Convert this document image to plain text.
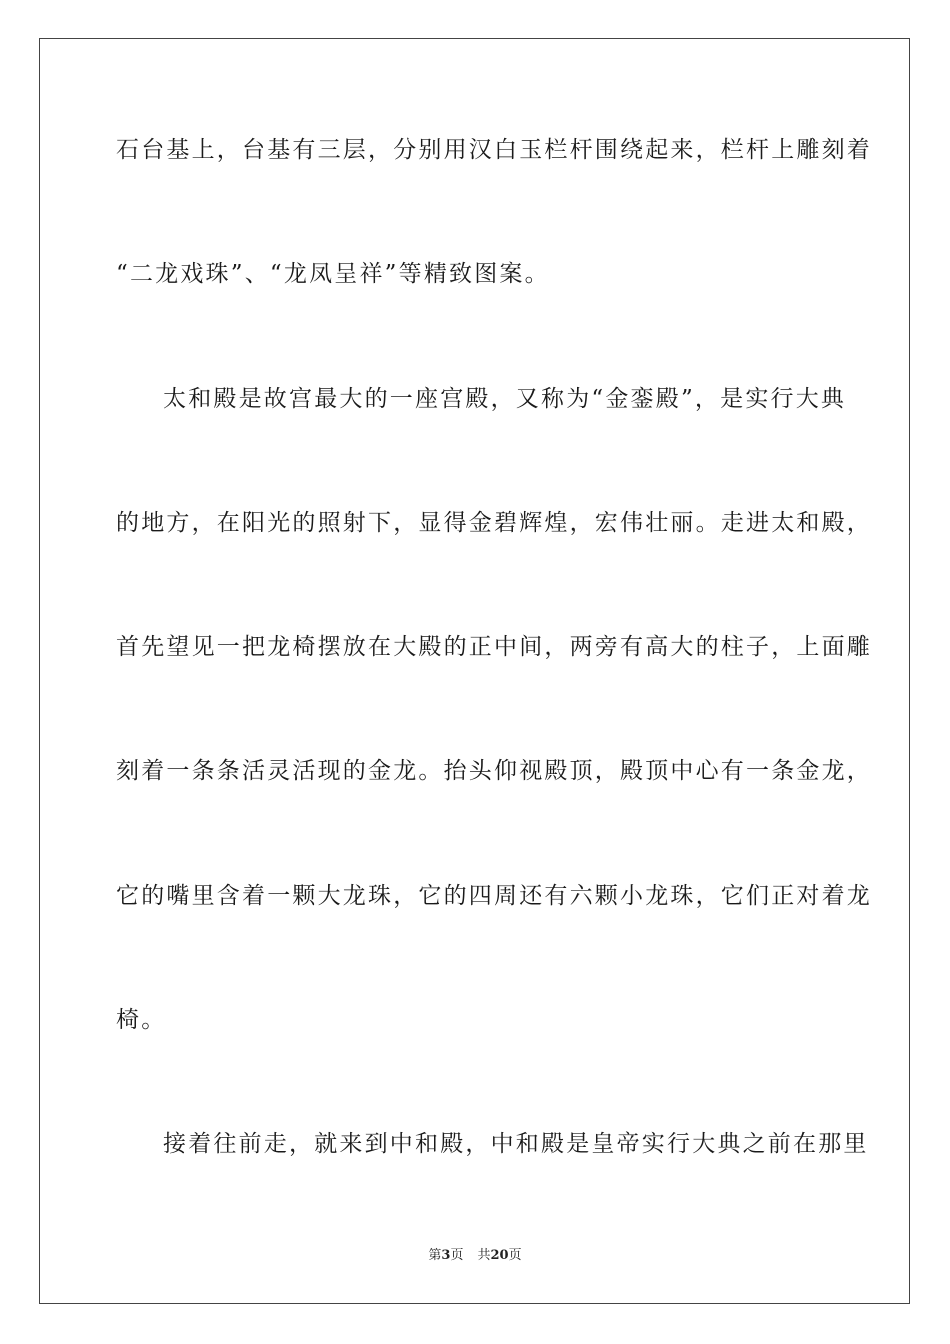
石台基上，台基有三层，分别用汉白玉栏杆围绕起来，栏杆上雕刻着
“二龙戏珠”、“龙凤呈祥”等精致图案。
太和殿是故宫最大的一座宫殿，又称为“金銮殿”，是实行大典
的地方，在阳光的照射下，显得金碧辉煌，宏伟壮丽。走进太和殿，
首先望见一把龙椅摆放在大殿的正中间，两旁有高大的柱子，上面雕
刻着一条条活灵活现的金龙。抬头仰视殿顶，殿顶中心有一条金龙，
它的嘴里含着一颗大龙珠，它的四周还有六颗小龙珠，它们正对着龙
椅。
接着往前走，就来到中和殿，中和殿是皇帝实行大典之前在那里
第3页 共20页
